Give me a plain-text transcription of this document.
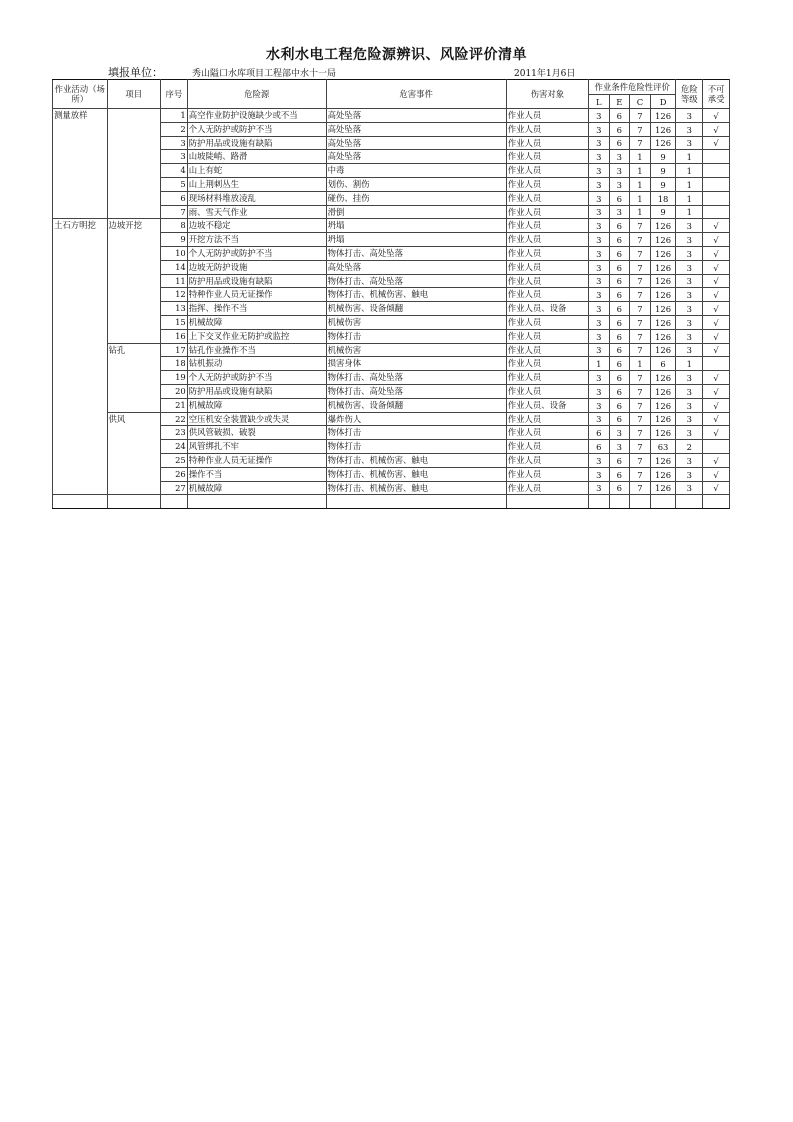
水利水电工程危险源辨识、风险评价清单
填报单位：	秀山隘口水库项目工程部中水十一局	2011年1月6日
作业活动（场所）	项目	序号	危险源	危害事件	伤害对象	作业条件危险性评价				危险等级	不可承受
						L	E	C	D		
测量放样		1	高空作业防护设施缺少或不当	高处坠落	作业人员	3	6	7	126	3	√
		2	个人无防护或防护不当	高处坠落	作业人员	3	6	7	126	3	√
		3	防护用品或设施有缺陷	高处坠落	作业人员	3	6	7	126	3	√
		3	山坡陡峭、路滑	高处坠落	作业人员	3	3	1	9	1	
		4	山上有蛇	中毒	作业人员	3	3	1	9	1	
		5	山上荆刺丛生	划伤、割伤	作业人员	3	3	1	9	1	
		6	现场材料堆放凌乱	碰伤、挂伤	作业人员	3	6	1	18	1	
		7	雨、雪天气作业	滑倒	作业人员	3	3	1	9	1	
土石方明挖	边坡开挖	8	边坡不稳定	坍塌	作业人员	3	6	7	126	3	√
		9	开挖方法不当	坍塌	作业人员	3	6	7	126	3	√
		10	个人无防护或防护不当	物体打击、高处坠落	作业人员	3	6	7	126	3	√
		14	边坡无防护设施	高处坠落	作业人员	3	6	7	126	3	√
		11	防护用品或设施有缺陷	物体打击、高处坠落	作业人员	3	6	7	126	3	√
		12	特种作业人员无证操作	物体打击、机械伤害、触电	作业人员	3	6	7	126	3	√
		13	指挥、操作不当	机械伤害、设备倾翻	作业人员、设备	3	6	7	126	3	√
		15	机械故障	机械伤害	作业人员	3	6	7	126	3	√
		16	上下交叉作业无防护或监控	物体打击	作业人员	3	6	7	126	3	√
	钻孔	17	钻孔作业操作不当	机械伤害	作业人员	3	6	7	126	3	√
		18	钻机振动	损害身体	作业人员	1	6	1	6	1	
		19	个人无防护或防护不当	物体打击、高处坠落	作业人员	3	6	7	126	3	√
		20	防护用品或设施有缺陷	物体打击、高处坠落	作业人员	3	6	7	126	3	√
		21	机械故障	机械伤害、设备倾翻	作业人员、设备	3	6	7	126	3	√
	供风	22	空压机安全装置缺少或失灵	爆炸伤人	作业人员	3	6	7	126	3	√
		23	供风管破损、破裂	物体打击	作业人员	6	3	7	126	3	√
		24	风管绑扎不牢	物体打击	作业人员	6	3	7	63	2	
		25	特种作业人员无证操作	物体打击、机械伤害、触电	作业人员	3	6	7	126	3	√
		26	操作不当	物体打击、机械伤害、触电	作业人员	3	6	7	126	3	√
		27	机械故障	物体打击、机械伤害、触电	作业人员	3	6	7	126	3	√
